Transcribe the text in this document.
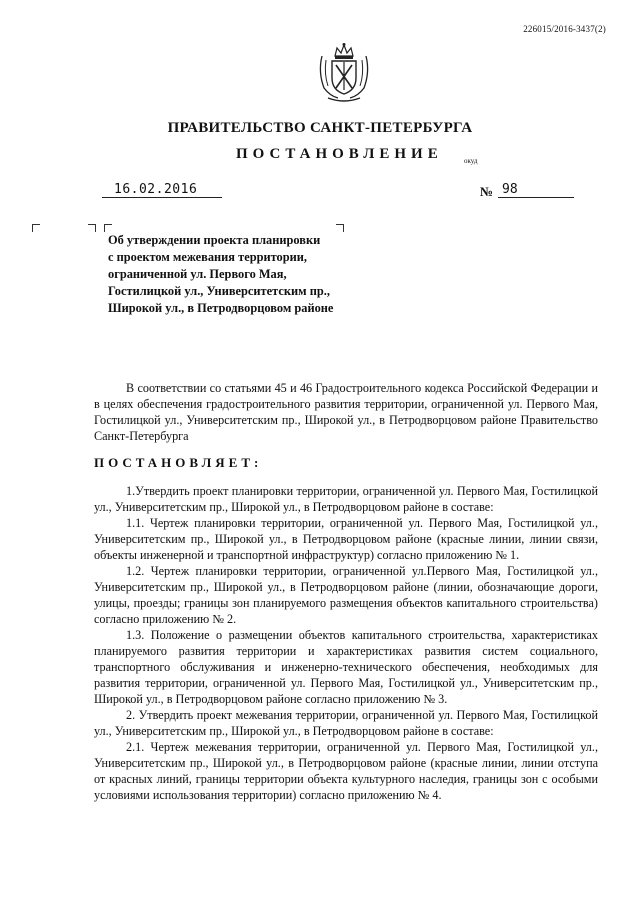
226015/2016-3437(2)
ПРАВИТЕЛЬСТВО САНКТ-ПЕТЕРБУРГА
ПОСТАНОВЛЕНИЕ	окуд
16.02.2016	№ 98
Об утверждении проекта планировки
с проектом межевания территории,
ограниченной ул. Первого Мая,
Гостилицкой ул., Университетским пр.,
Широкой ул., в Петродворцовом районе

В соответствии со статьями 45 и 46 Градостроительного кодекса Российской Федерации и в целях обеспечения градостроительного развития территории, ограниченной ул. Первого Мая, Гостилицкой ул., Университетским пр., Широкой ул., в Петродворцовом районе Правительство Санкт-Петербурга

ПОСТАНОВЛЯЕТ:

1.Утвердить проект планировки территории, ограниченной ул. Первого Мая, Гостилицкой ул., Университетским пр., Широкой ул., в Петродворцовом районе в составе:

1.1. Чертеж планировки территории, ограниченной ул. Первого Мая, Гостилицкой ул., Университетским пр., Широкой ул., в Петродворцовом районе (красные линии, линии связи, объекты инженерной и транспортной инфраструктур) согласно приложению № 1.

1.2. Чертеж планировки территории, ограниченной ул.Первого Мая, Гостилицкой ул., Университетским пр., Широкой ул., в Петродворцовом районе (линии, обозначающие дороги, улицы, проезды; границы зон планируемого размещения объектов капитального строительства) согласно приложению № 2.

1.3. Положение о размещении объектов капитального строительства, характеристиках планируемого развития территории и характеристиках развития систем социального, транспортного обслуживания и инженерно-технического обеспечения, необходимых для развития территории, ограниченной ул. Первого Мая, Гостилицкой ул., Университетским пр., Широкой ул., в Петродворцовом районе согласно приложению № 3.

2. Утвердить проект межевания территории, ограниченной ул. Первого Мая, Гостилицкой ул., Университетским пр., Широкой ул., в Петродворцовом районе в составе:

2.1. Чертеж межевания территории, ограниченной ул. Первого Мая, Гостилицкой ул., Университетским пр., Широкой ул., в Петродворцовом районе (красные линии, линии отступа от красных линий, границы территории объекта культурного наследия, границы зон с особыми условиями использования территории) согласно приложению № 4.
